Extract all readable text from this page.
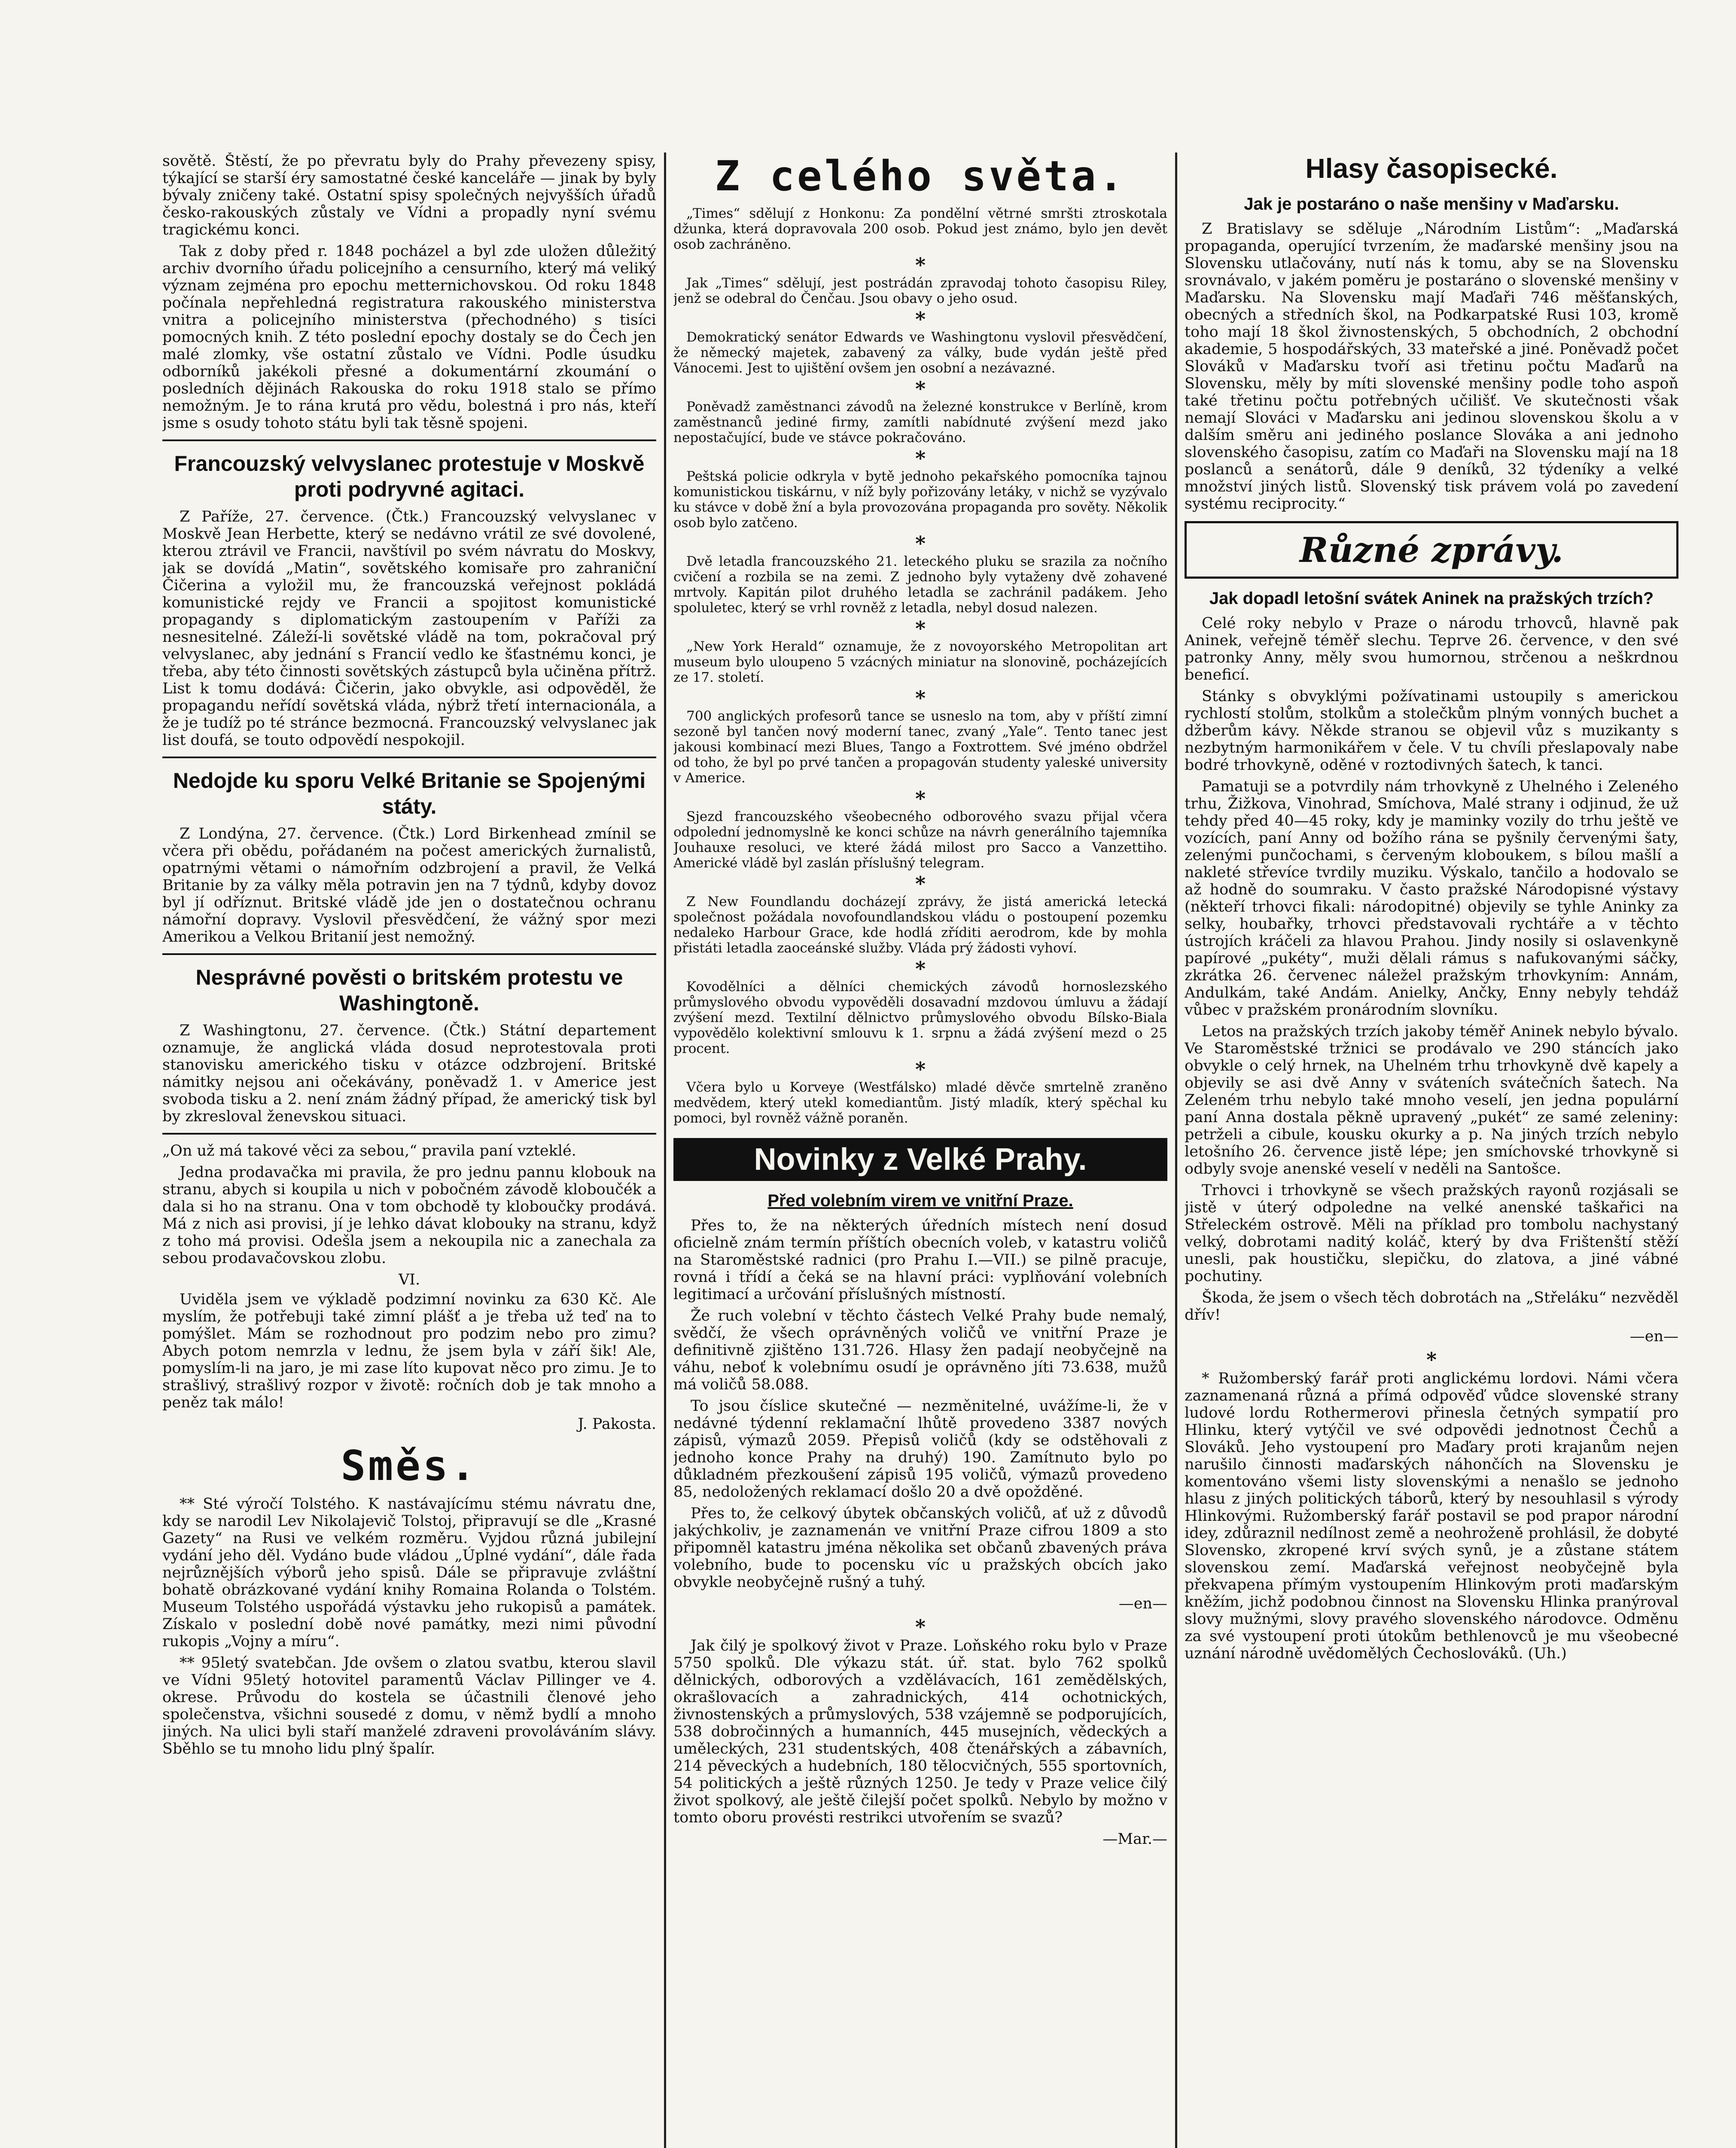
sovětě. Štěstí, že po převratu byly do Prahy převezeny spisy, týkající se starší éry samostatné české kanceláře — jinak by byly bývaly zničeny také. Ostatní spisy společných nejvyšších úřadů česko-rakouských zůstaly ve Vídni a propadly nyní svému tragickému konci.

Tak z doby před r. 1848 pocházel a byl zde uložen důležitý archiv dvorního úřadu policejního a censurního, který má veliký význam zejména pro epochu metternichovskou. Od roku 1848 počínala nepřehledná registratura rakouského ministerstva vnitra a policejního ministerstva (přechodného) s tisíci pomocných knih. Z této poslední epochy dostaly se do Čech jen malé zlomky, vše ostatní zůstalo ve Vídni. Podle úsudku odborníků jakékoli přesné a dokumentární zkoumání o posledních dějinách Rakouska do roku 1918 stalo se přímo nemožným. Je to rána krutá pro vědu, bolestná i pro nás, kteří jsme s osudy tohoto státu byli tak těsně spojeni.

Francouzský velvyslanec protestuje v Moskvě proti podryvné agitaci.

Z Paříže, 27. července. (Čtk.) Francouzský velvyslanec v Moskvě Jean Herbette, který se nedávno vrátil ze své dovolené, kterou ztrávil ve Francii, navštívil po svém návratu do Moskvy, jak se dovídá „Matin“, sovětského komisaře pro zahraniční Čičerina a vyložil mu, že francouzská veřejnost pokládá komunistické rejdy ve Francii a spojitost komunistické propagandy s diplomatickým zastoupením v Paříži za nesnesitelné. Záleží-li sovětské vládě na tom, pokračoval prý velvyslanec, aby jednání s Francií vedlo ke šťastnému konci, je třeba, aby této činnosti sovětských zástupců byla učiněna přítrž. List k tomu dodává: Čičerin, jako obvykle, asi odpověděl, že propagandu neřídí sovětská vláda, nýbrž třetí internacionála, a že je tudíž po té stránce bezmocná. Francouzský velvyslanec jak list doufá, se touto odpovědí nespokojil.

Nedojde ku sporu Velké Britanie se Spojenými státy.

Z Londýna, 27. července. (Čtk.) Lord Birkenhead zmínil se včera při obědu, pořádaném na počest amerických žurnalistů, opatrnými větami o námořním odzbrojení a pravil, že Velká Britanie by za války měla potravin jen na 7 týdnů, kdyby dovoz byl jí odříznut. Britské vládě jde jen o dostatečnou ochranu námořní dopravy. Vyslovil přesvědčení, že vážný spor mezi Amerikou a Velkou Britanií jest nemožný.

Nesprávné pověsti o britském protestu ve Washingtoně.

Z Washingtonu, 27. července. (Čtk.) Státní departement oznamuje, že anglická vláda dosud neprotestovala proti stanovisku amerického tisku v otázce odzbrojení. Britské námitky nejsou ani očekávány, poněvadž 1. v Americe jest svoboda tisku a 2. není znám žádný případ, že americký tisk byl by zkresloval ženevskou situaci.

„On už má takové věci za sebou,“ pravila paní vzteklé.

Jedna prodavačka mi pravila, že pro jednu pannu klobouk na stranu, abych si koupila u nich v pobočném závodě kloboučék a dala si ho na stranu. Ona v tom obchodě ty kloboučky prodává. Má z nich asi provisi, jí je lehko dávat klobouky na stranu, když z toho má provisi. Odešla jsem a nekoupila nic a zanechala za sebou prodavačovskou zlobu.

VI.

Uviděla jsem ve výkladě podzimní novinku za 630 Kč. Ale myslím, že potřebuji také zimní plášť a je třeba už teď na to pomýšlet. Mám se rozhodnout pro podzim nebo pro zimu? Abych potom nemrzla v lednu, že jsem byla v září šik! Ale, pomyslím-li na jaro, je mi zase líto kupovat něco pro zimu. Je to strašlivý, strašlivý rozpor v životě: ročních dob je tak mnoho a peněz tak málo!

J. Pakosta.
Směs.

** Sté výročí Tolstého. K nastávajícímu stému návratu dne, kdy se narodil Lev Nikolajevič Tolstoj, připravují se dle „Krasné Gazety“ na Rusi ve velkém rozměru. Vyjdou různá jubilejní vydání jeho děl. Vydáno bude vládou „Úplné vydání“, dále řada nejrůznějších výborů jeho spisů. Dále se připravuje zvláštní bohatě obrázkované vydání knihy Romaina Rolanda o Tolstém. Museum Tolstého uspořádá výstavku jeho rukopisů a památek. Získalo v poslední době nové památky, mezi nimi původní rukopis „Vojny a míru“.

** 95letý svatebčan. Jde ovšem o zlatou svatbu, kterou slavil ve Vídni 95letý hotovitel paramentů Václav Pillinger ve 4. okrese. Průvodu do kostela se účastnili členové jeho společenstva, všichni sousedé z domu, v němž bydlí a mnoho jiných. Na ulici byli staří manželé zdraveni provoláváním slávy. Sběhlo se tu mnoho lidu plný špalír.

Z celého světa.

„Times“ sdělují z Honkonu: Za pondělní větrné smršti ztroskotala džunka, která dopravovala 200 osob. Pokud jest známo, bylo jen devět osob zachráněno.

*

Jak „Times“ sdělují, jest postrádán zpravodaj tohoto časopisu Riley, jenž se odebral do Čenčau. Jsou obavy o jeho osud.

*

Demokratický senátor Edwards ve Washingtonu vyslovil přesvědčení, že německý majetek, zabavený za války, bude vydán ještě před Vánocemi. Jest to ujištění ovšem jen osobní a nezávazné.

*

Poněvadž zaměstnanci závodů na železné konstrukce v Berlíně, krom zaměstnanců jediné firmy, zamítli nabídnuté zvýšení mezd jako nepostačující, bude ve stávce pokračováno.

*

Peštská policie odkryla v bytě jednoho pekařského pomocníka tajnou komunistickou tiskárnu, v níž byly pořizovány letáky, v nichž se vyzývalo ku stávce v době žní a byla provozována propaganda pro sověty. Několik osob bylo zatčeno.

*

Dvě letadla francouzského 21. leteckého pluku se srazila za nočního cvičení a rozbila se na zemi. Z jednoho byly vytaženy dvě zohavené mrtvoly. Kapitán pilot druhého letadla se zachránil padákem. Jeho spoluletec, který se vrhl rovněž z letadla, nebyl dosud nalezen.

*

„New York Herald“ oznamuje, že z novoyorského Metropolitan art museum bylo uloupeno 5 vzácných miniatur na slonovině, pocházejících ze 17. století.

*

700 anglických profesorů tance se usneslo na tom, aby v příští zimní sezoně byl tančen nový moderní tanec, zvaný „Yale“. Tento tanec jest jakousi kombinací mezi Blues, Tango a Foxtrottem. Své jméno obdržel od toho, že byl po prvé tančen a propagován studenty yaleské university v Americe.

*

Sjezd francouzského všeobecného odborového svazu přijal včera odpolední jednomyslně ke konci schůze na návrh generálního tajemníka Jouhauxe resoluci, ve které žádá milost pro Sacco a Vanzettiho. Americké vládě byl zaslán příslušný telegram.

*

Z New Foundlandu docházejí zprávy, že jistá americká letecká společnost požádala novofoundlandskou vládu o postoupení pozemku nedaleko Harbour Grace, kde hodlá zříditi aerodrom, kde by mohla přistáti letadla zaoceánské služby. Vláda prý žádosti vyhoví.

*

Kovodělníci a dělníci chemických závodů hornoslezského průmyslového obvodu vypověděli dosavadní mzdovou úmluvu a žádají zvýšení mezd. Textilní dělnictvo průmyslového obvodu Bílsko-Biala vypovědělo kolektivní smlouvu k 1. srpnu a žádá zvýšení mezd o 25 procent.

*

Včera bylo u Korveye (Westfálsko) mladé děvče smrtelně zraněno medvědem, který utekl komediantům. Jistý mladík, který spěchal ku pomoci, byl rovněž vážně poraněn.

Novinky z Velké Prahy.
Před volebním virem ve vnitřní Praze.

Přes to, že na některých úředních místech není dosud oficielně znám termín příštích obecních voleb, v katastru voličů na Staroměstské radnici (pro Prahu I.—VII.) se pilně pracuje, rovná i třídí a čeká se na hlavní práci: vyplňování volebních legitimací a určování příslušných místností.

Že ruch volební v těchto částech Velké Prahy bude nemalý, svědčí, že všech oprávněných voličů ve vnitřní Praze je definitivně zjištěno 131.726. Hlasy žen padají neobyčejně na váhu, neboť k volebnímu osudí je oprávněno jíti 73.638, mužů má voličů 58.088.

To jsou číslice skutečné — nezměnitelné, uvážíme-li, že v nedávné týdenní reklamační lhůtě provedeno 3387 nových zápisů, výmazů 2059. Přepisů voličů (kdy se odstěhovali z jednoho konce Prahy na druhý) 190. Zamítnuto bylo po důkladném přezkoušení zápisů 195 voličů, výmazů provedeno 85, nedoložených reklamací došlo 20 a dvě opožděné.

Přes to, že celkový úbytek občanských voličů, ať už z důvodů jakýchkoliv, je zaznamenán ve vnitřní Praze cifrou 1809 a sto připomněl katastru jména několika set občanů zbavených práva volebního, bude to pocensku víc u pražských obcích jako obvykle neobyčejně rušný a tuhý.

—en—
*

Jak čilý je spolkový život v Praze. Loňského roku bylo v Praze 5750 spolků. Dle výkazu stát. úř. stat. bylo 762 spolků dělnických, odborových a vzdělávacích, 161 zemědělských, okrašlovacích a zahradnických, 414 ochotnických, živnostenských a průmyslových, 538 vzájemně se podporujících, 538 dobročinných a humanních, 445 musejních, vědeckých a uměleckých, 231 studentských, 408 čtenářských a zábavních, 214 pěveckých a hudebních, 180 tělocvičných, 555 sportovních, 54 politických a ještě různých 1250. Je tedy v Praze velice čilý život spolkový, ale ještě čilejší počet spolků. Nebylo by možno v tomto oboru provésti restrikci utvořením se svazů?

—Mar.—
Hlasy časopisecké.
Jak je postaráno o naše menšiny v Maďarsku.

Z Bratislavy se sděluje „Národním Listům“: „Maďarská propaganda, operující tvrzením, že maďarské menšiny jsou na Slovensku utlačovány, nutí nás k tomu, aby se na Slovensku srovnávalo, v jakém poměru je postaráno o slovenské menšiny v Maďarsku. Na Slovensku mají Maďaři 746 měšťanských, obecných a středních škol, na Podkarpatské Rusi 103, kromě toho mají 18 škol živnostenských, 5 obchodních, 2 obchodní akademie, 5 hospodářských, 33 mateřské a jiné. Poněvadž počet Slováků v Maďarsku tvoří asi třetinu počtu Maďarů na Slovensku, měly by míti slovenské menšiny podle toho aspoň také třetinu počtu potřebných učilišť. Ve skutečnosti však nemají Slováci v Maďarsku ani jedinou slovenskou školu a v dalším směru ani jediného poslance Slováka a ani jednoho slovenského časopisu, zatím co Maďaři na Slovensku mají na 18 poslanců a senátorů, dále 9 deníků, 32 týdeníky a velké množství jiných listů. Slovenský tisk právem volá po zavedení systému reciprocity.“

Různé zprávy.
Jak dopadl letošní svátek Aninek na pražských trzích?

Celé roky nebylo v Praze o národu trhovců, hlavně pak Aninek, veřejně téměř slechu. Teprve 26. července, v den své patronky Anny, měly svou humornou, strčenou a neškrdnou beneficí.

Stánky s obvyklými požívatinami ustoupily s americkou rychlostí stolům, stolkům a stolečkům plným vonných buchet a džberům kávy. Někde stranou se objevil vůz s muzikanty s nezbytným harmonikářem v čele. V tu chvíli přeslapovaly nabe bodré trhovkyně, oděné v roztodivných šatech, k tanci.

Pamatuji se a potvrdily nám trhovkyně z Uhelného i Zeleného trhu, Žižkova, Vinohrad, Smíchova, Malé strany i odjinud, že už tehdy před 40—45 roky, kdy je maminky vozily do trhu ještě ve vozících, paní Anny od božího rána se pyšnily červenými šaty, zelenými punčochami, s červeným kloboukem, s bílou mašlí a nakleté střevíce tvrdily muziku. Výskalo, tančilo a hodovalo se až hodně do soumraku. V často pražské Národopisné výstavy (někteří trhovci fikali: národopitné) objevily se tyhle Aninky za selky, houbařky, trhovci představovali rychtáře a v těchto ústrojích kráčeli za hlavou Prahou. Jindy nosily si oslavenkyně papírové „pukéty“, muži dělali rámus s nafukovanými sáčky, zkrátka 26. červenec náležel pražským trhovkyním: Annám, Andulkám, také Andám. Anielky, Ančky, Enny nebyly tehdáž vůbec v pražském pronárodním slovníku.

Letos na pražských trzích jakoby téměř Aninek nebylo bývalo. Ve Staroměstské tržnici se prodávalo ve 290 stáncích jako obvykle o celý hrnek, na Uhelném trhu trhovkyně dvě kapely a objevily se asi dvě Anny v sváteních svátečních šatech. Na Zeleném trhu nebylo také mnoho veselí, jen jedna populární paní Anna dostala pěkně upravený „pukét“ ze samé zeleniny: petrželi a cibule, kousku okurky a p. Na jiných trzích nebylo letošního 26. července jistě lépe; jen smíchovské trhovkyně si odbyly svoje anenské veselí v neděli na Santošce.

Trhovci i trhovkyně se všech pražských rayonů rozjásali se jistě v úterý odpoledne na velké anenské taškařici na Střeleckém ostrově. Měli na příklad pro tombolu nachystaný velký, dobrotami naditý koláč, který by dva Frištenští stěží unesli, pak houstičku, slepičku, do zlatova, a jiné vábné pochutiny.

Škoda, že jsem o všech těch dobrotách na „Střeláku“ nezvěděl dřív!

—en—
*

* Ružomberský farář proti anglickému lordovi. Námi včera zaznamenaná různá a přímá odpověď vůdce slovenské strany ludové lordu Rothermerovi přinesla četných sympatií pro Hlinku, který vytýčil ve své odpovědi jednotnost Čechů a Slováků. Jeho vystoupení pro Maďary proti krajanům nejen narušilo činnosti maďarských náhončích na Slovensku je komentováno všemi listy slovenskými a nenašlo se jednoho hlasu z jiných politických táborů, který by nesouhlasil s výrody Hlinkovými. Ružomberský farář postavil se pod prapor národní idey, zdůraznil nedílnost země a neohroženě prohlásil, že dobyté Slovensko, zkropené krví svých synů, je a zůstane státem slovenskou zemí. Maďarská veřejnost neobyčejně byla překvapena přímým vystoupením Hlinkovým proti maďarským kněžím, jichž podobnou činnost na Slovensku Hlinka pranýroval slovy mužnými, slovy pravého slovenského národovce. Odměnu za své vystoupení proti útokům bethlenovců je mu všeobecné uznání národně uvědomělých Čechoslováků. (Uh.)
